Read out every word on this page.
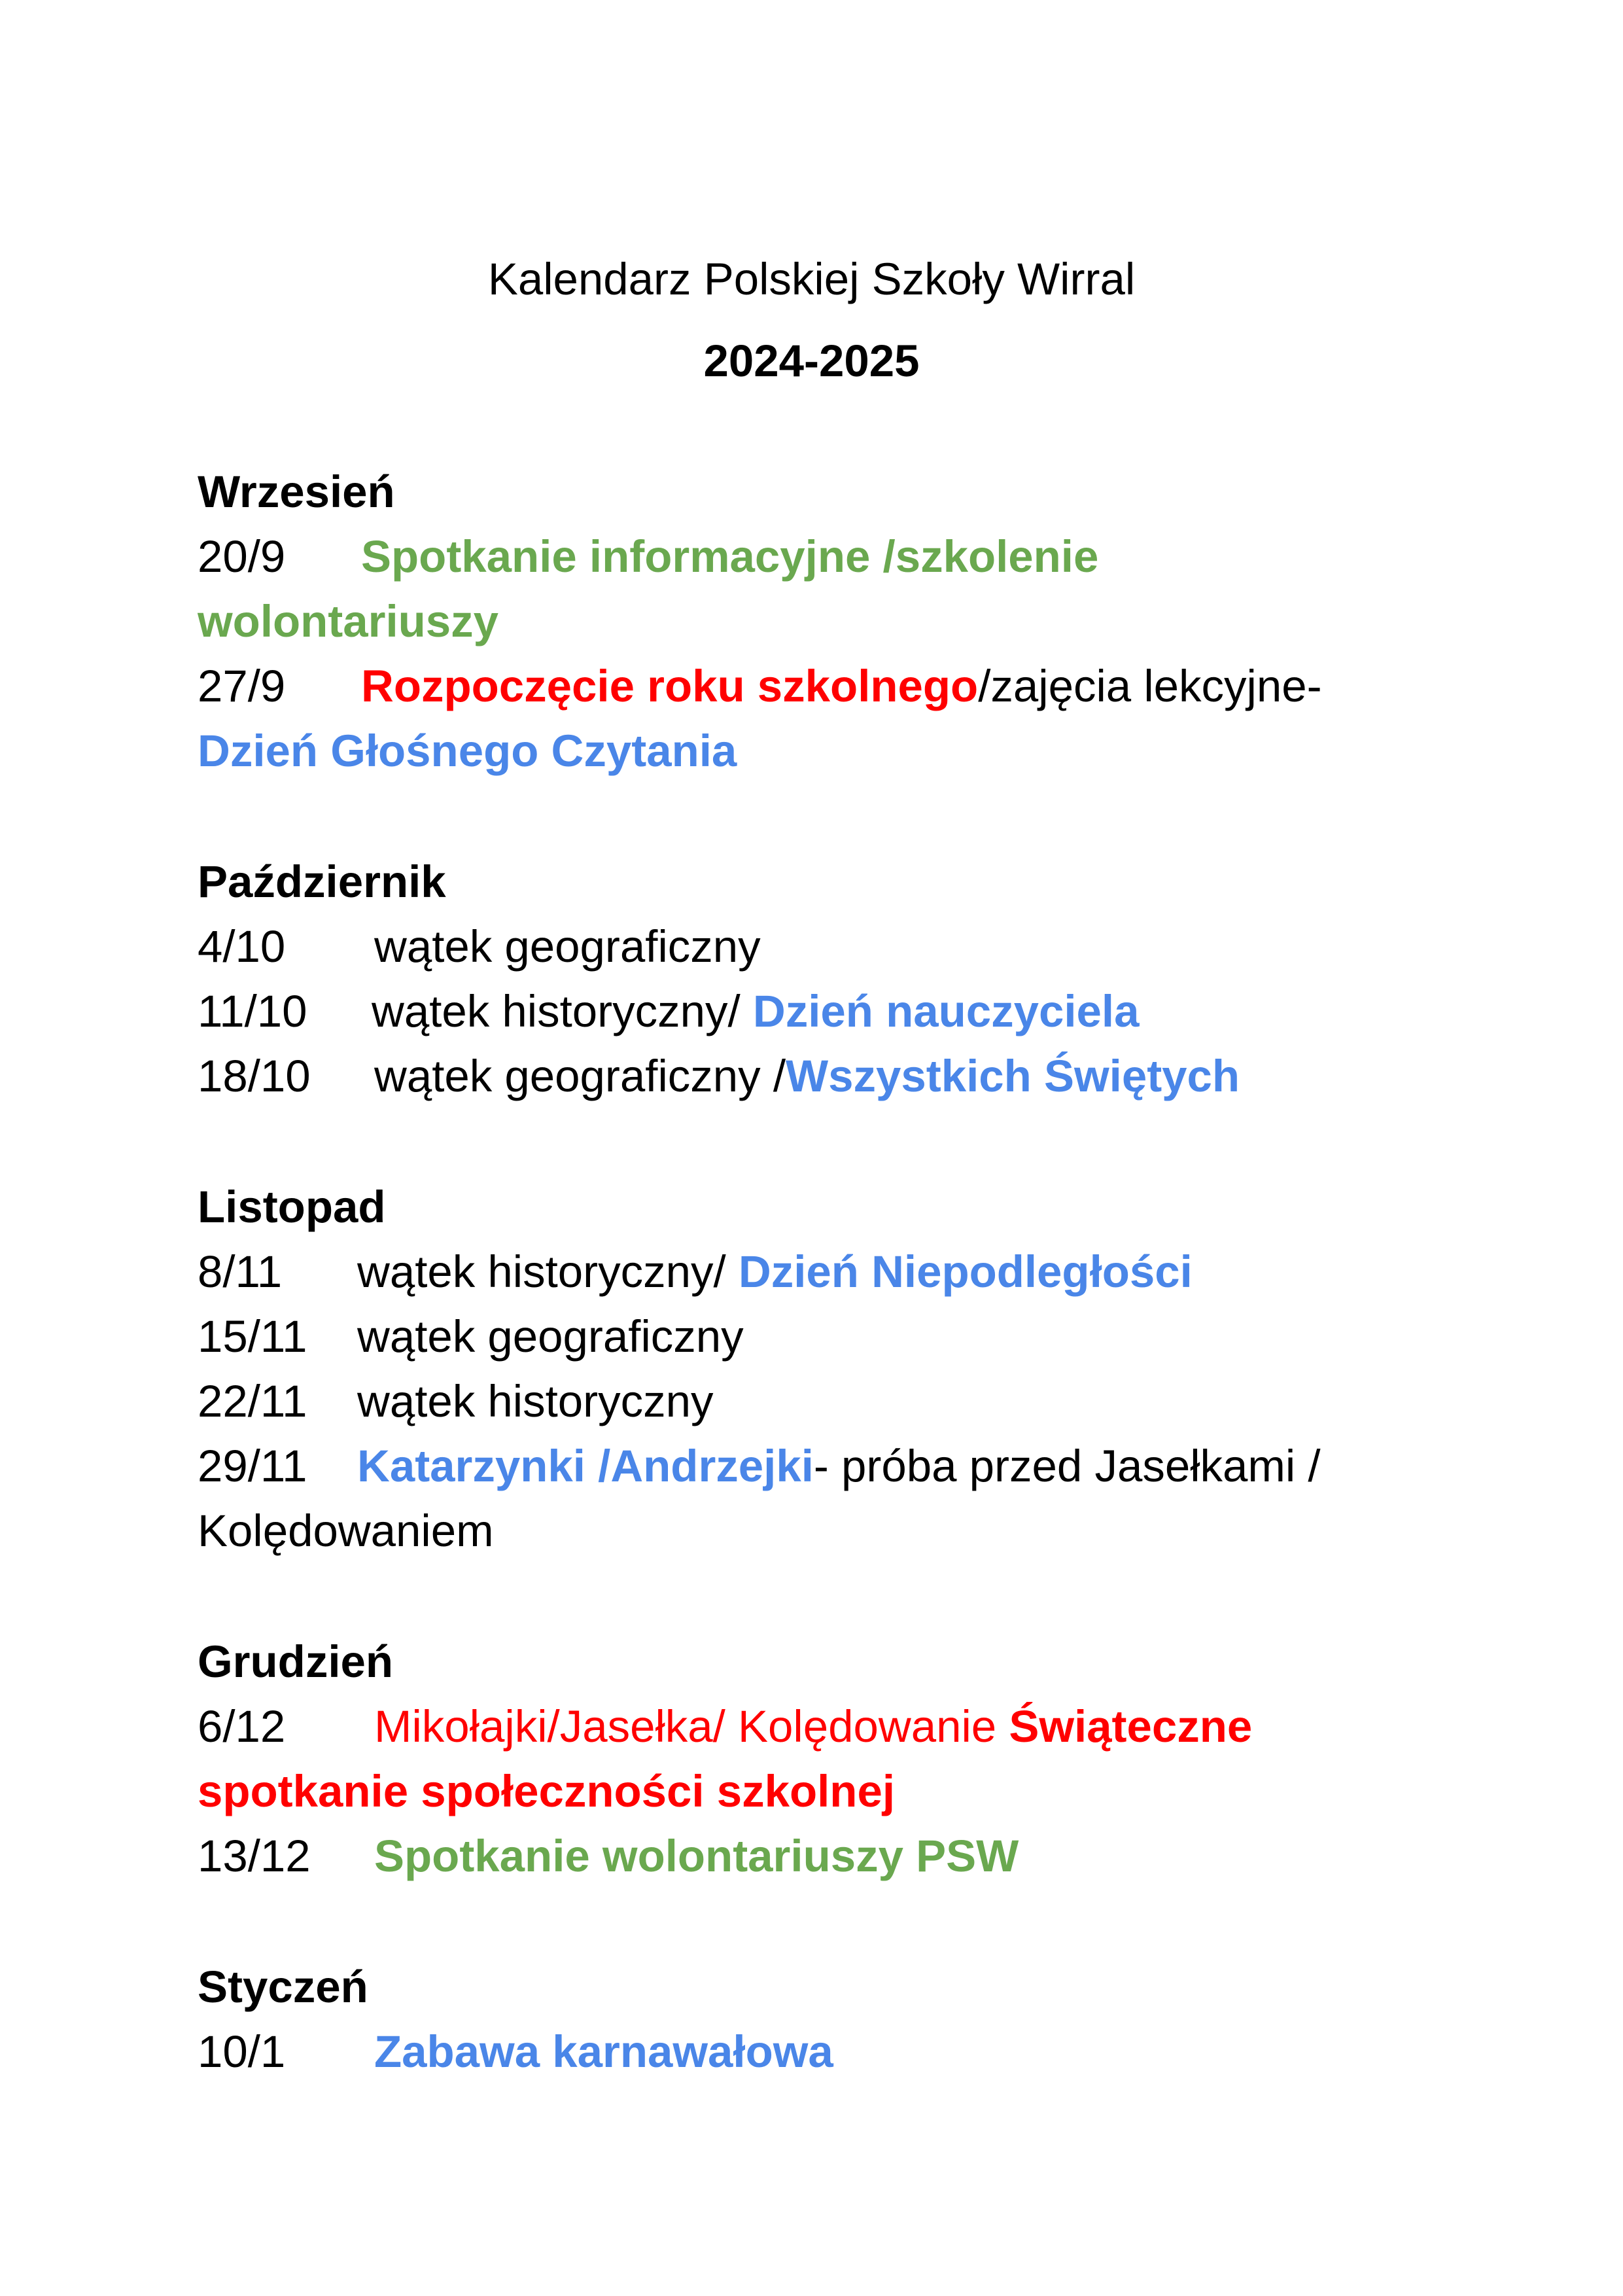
Kalendarz Polskiej Szkoły Wirral
2024-2025
Wrzesień
20/9 Spotkanie informacyjne /szkolenie
wolontariuszy
27/9 Rozpoczęcie roku szkolnego/zajęcia lekcyjne-
Dzień Głośnego Czytania
Październik
4/10 wątek geograficzny
11/10 wątek historyczny/ Dzień nauczyciela
18/10 wątek geograficzny /Wszystkich Świętych
Listopad
8/11 wątek historyczny/ Dzień Niepodległości
15/11 wątek geograficzny
22/11 wątek historyczny
29/11 Katarzynki /Andrzejki- próba przed Jasełkami /
Kolędowaniem
Grudzień
6/12 Mikołajki/Jasełka/ Kolędowanie Świąteczne
spotkanie społeczności szkolnej
13/12 Spotkanie wolontariuszy PSW
Styczeń
10/1 Zabawa karnawałowa
